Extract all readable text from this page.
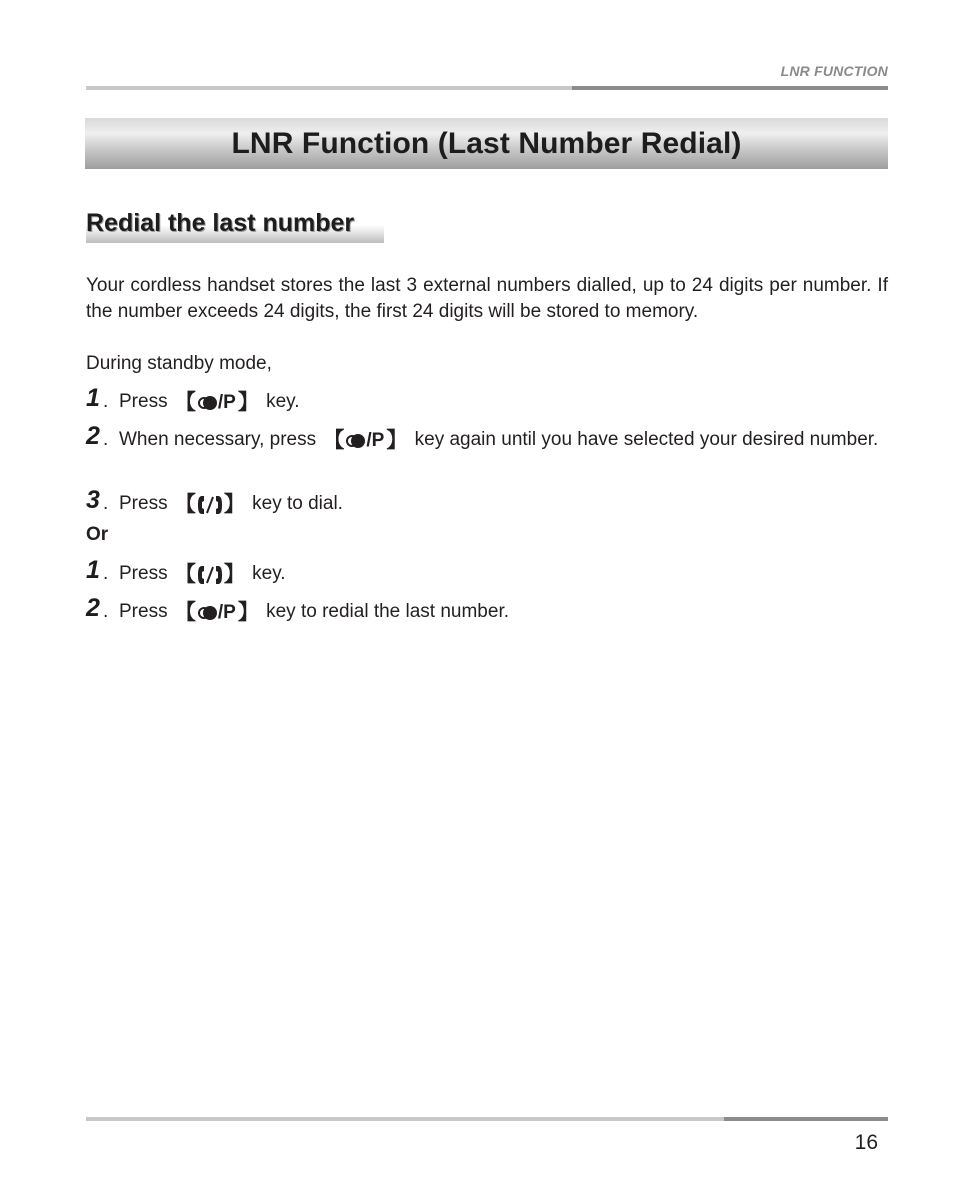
LNR FUNCTION
LNR Function (Last Number Redial)
Redial the last number
Your cordless handset stores the last 3 external numbers dialled, up to 24 digits per number. If the number exceeds 24 digits, the first 24 digits will be stored to memory.
During standby mode,
1 . Press 【 /P 】 key.
2 . When necessary, press 【 /P 】 key again until you have selected your desired number.
3 . Press 【 】 key to dial.
Or
1 . Press 【 】 key.
2 . Press 【 /P 】 key to redial the last number.
16
